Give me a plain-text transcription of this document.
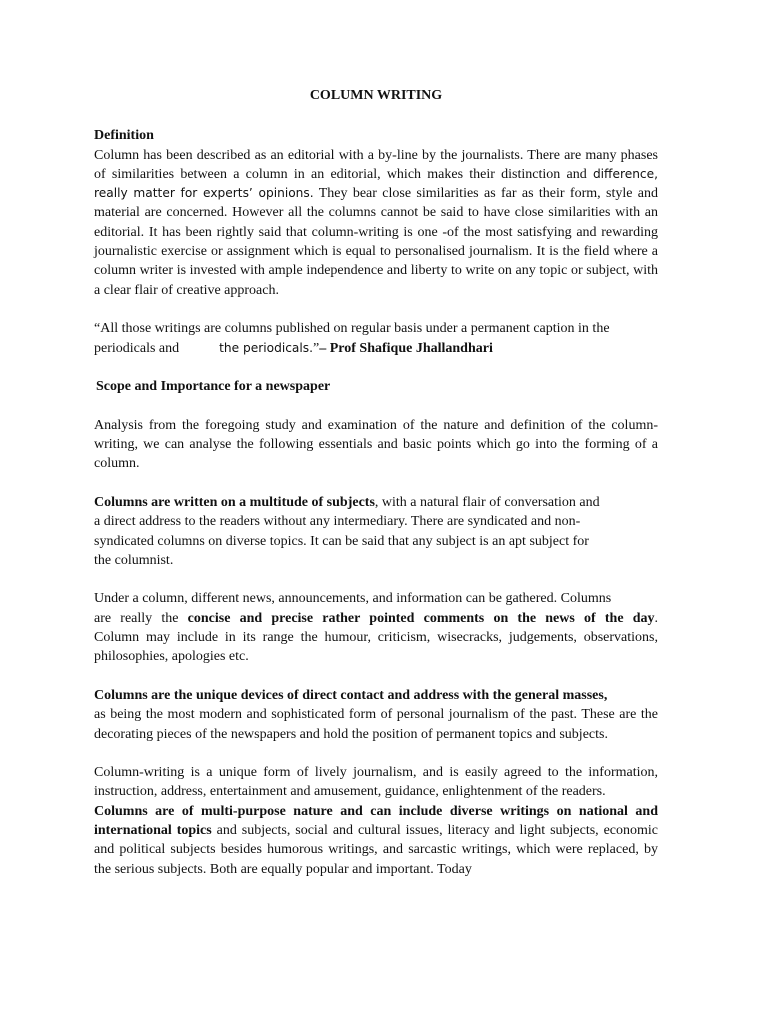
COLUMN WRITING
Definition

Column has been described as an editorial with a by-line by the journalists. There are many phases of similarities between a column in an editorial, which makes their distinction and difference, really matter for experts’ opinions. They bear close similarities as far as their form, style and material are concerned. However all the columns cannot be said to have close similarities with an editorial. It has been rightly said that column-writing is one -of the most satisfying and rewarding journalistic exercise or assignment which is equal to personalised journalism. It is the field where a column writer is invested with ample independence and liberty to write on any topic or subject, with a clear flair of creative approach.

“All those writings are columns published on regular basis under a permanent caption in the
periodicals and	the periodicals.”– Prof Shafique Jhallandhari
Scope and Importance for a newspaper

Analysis from the foregoing study and examination of the nature and definition of the column-writing, we can analyse the following essentials and basic points which go into the forming of a column.

Columns are written on a multitude of subjects, with a natural flair of conversation and
a direct address to the readers without any intermediary. There are syndicated and non-
syndicated columns on diverse topics. It can be said that any subject is an apt subject for
the columnist.
Under a column, different news, announcements, and information can be gathered. Columns

are really the concise and precise rather pointed comments on the news of the day.

Column may include in its range the humour, criticism, wisecracks, judgements, observations, philosophies, apologies etc.

Columns are the unique devices of direct contact and address with the general masses,

as being the most modern and sophisticated form of personal journalism of the past. These are the decorating pieces of the newspapers and hold the position of permanent topics and subjects.

Column-writing is a unique form of lively journalism, and is easily agreed to the information, instruction, address, entertainment and amusement, guidance, enlightenment of the readers.

Columns are of multi-purpose nature and can include diverse writings on national and international topics and subjects, social and cultural issues, literacy and light subjects, economic and political subjects besides humorous writings, and sarcastic writings, which were replaced, by the serious subjects. Both are equally popular and important. Today
